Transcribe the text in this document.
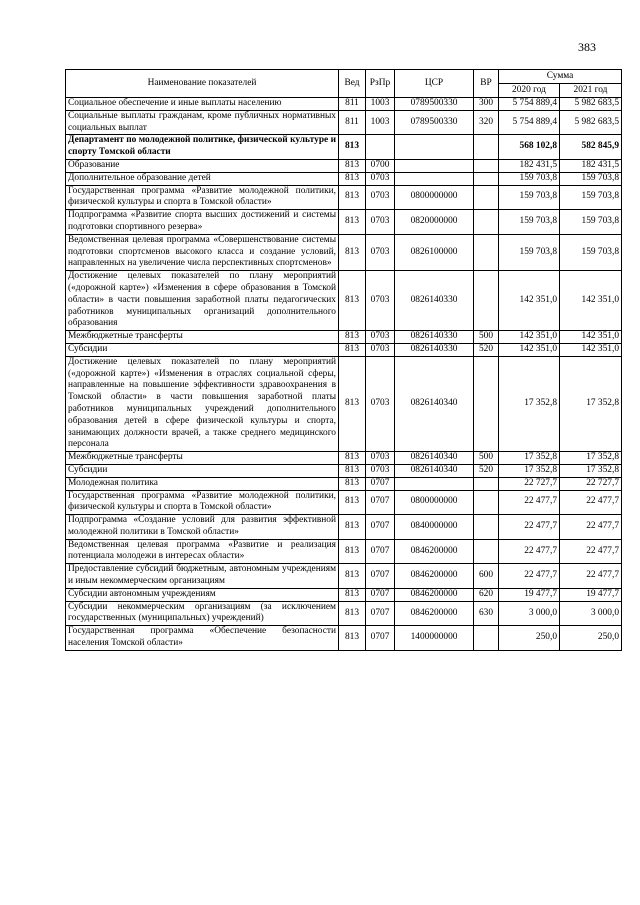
383
Наименование показателей	Вед	РзПр	ЦСР	ВР	Сумма	
					2020 год	2021 год
Социальное обеспечение и иные выплаты населению	811	1003	0789500330	300	5 754 889,4	5 982 683,5
Социальные выплаты гражданам, кроме публичных нормативных социальных выплат	811	1003	0789500330	320	5 754 889,4	5 982 683,5
Департамент по молодежной политике, физической культуре и спорту Томской области	813				568 102,8	582 845,9
Образование	813	0700			182 431,5	182 431,5
Дополнительное образование детей	813	0703			159 703,8	159 703,8
Государственная программа «Развитие молодежной политики, физической культуры и спорта в Томской области»	813	0703	0800000000		159 703,8	159 703,8
Подпрограмма «Развитие спорта высших достижений и системы подготовки спортивного резерва»	813	0703	0820000000		159 703,8	159 703,8
Ведомственная целевая программа «Совершенствование системы подготовки спортсменов высокого класса и создание условий, направленных на увеличение числа перспективных спортсменов»	813	0703	0826100000		159 703,8	159 703,8
Достижение целевых показателей по плану мероприятий («дорожной карте») «Изменения в сфере образования в Томской области» в части повышения заработной платы педагогических работников муниципальных организаций дополнительного образования	813	0703	0826140330		142 351,0	142 351,0
Межбюджетные трансферты	813	0703	0826140330	500	142 351,0	142 351,0
Субсидии	813	0703	0826140330	520	142 351,0	142 351,0
Достижение целевых показателей по плану мероприятий («дорожной карте») «Изменения в отраслях социальной сферы, направленные на повышение эффективности здравоохранения в Томской области» в части повышения заработной платы работников муниципальных учреждений дополнительного образования детей в сфере физической культуры и спорта, занимающих должности врачей, а также среднего медицинского персонала	813	0703	0826140340		17 352,8	17 352,8
Межбюджетные трансферты	813	0703	0826140340	500	17 352,8	17 352,8
Субсидии	813	0703	0826140340	520	17 352,8	17 352,8
Молодежная политика	813	0707			22 727,7	22 727,7
Государственная программа «Развитие молодежной политики, физической культуры и спорта в Томской области»	813	0707	0800000000		22 477,7	22 477,7
Подпрограмма «Создание условий для развития эффективной молодежной политики в Томской области»	813	0707	0840000000		22 477,7	22 477,7
Ведомственная целевая программа «Развитие и реализация потенциала молодежи в интересах области»	813	0707	0846200000		22 477,7	22 477,7
Предоставление субсидий бюджетным, автономным учреждениям и иным некоммерческим организациям	813	0707	0846200000	600	22 477,7	22 477,7
Субсидии автономным учреждениям	813	0707	0846200000	620	19 477,7	19 477,7
Субсидии некоммерческим организациям (за исключением государственных (муниципальных) учреждений)	813	0707	0846200000	630	3 000,0	3 000,0
Государственная программа «Обеспечение безопасности населения Томской области»	813	0707	1400000000		250,0	250,0
